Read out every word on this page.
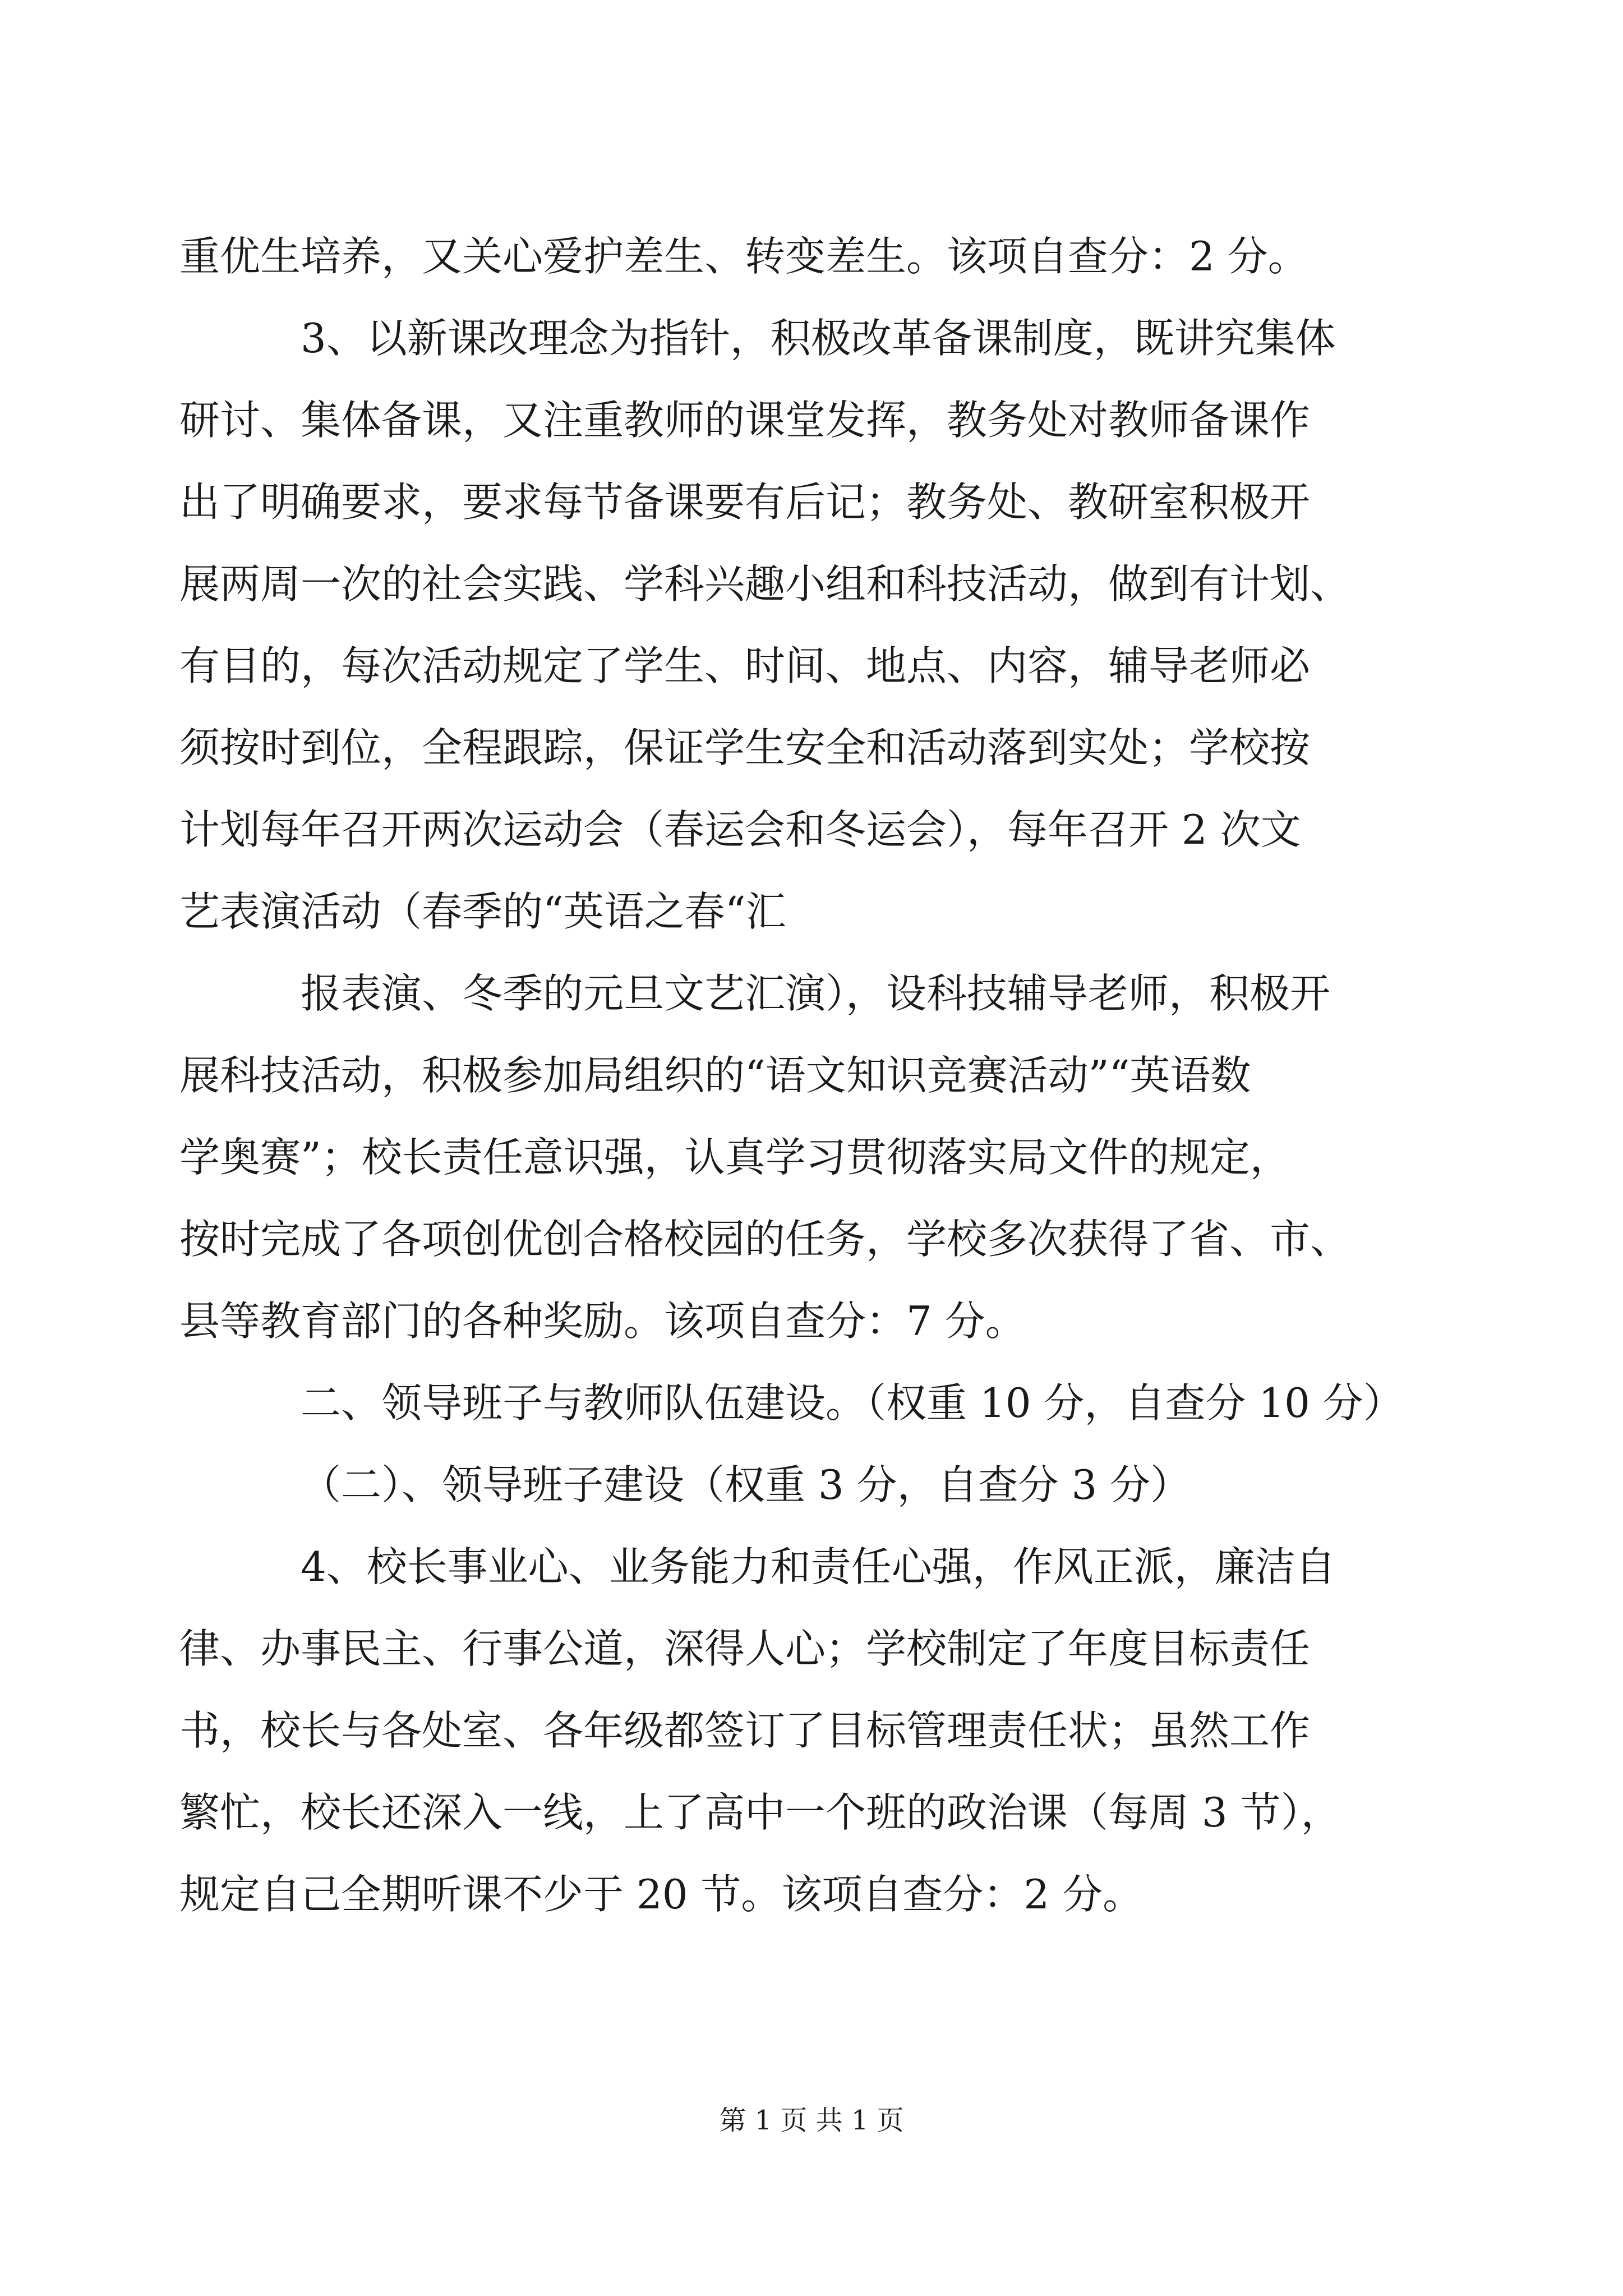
重优生培养，又关心爱护差生、转变差生。该项自查分：2 分。
3、以新课改理念为指针，积极改革备课制度，既讲究集体
研讨、集体备课，又注重教师的课堂发挥，教务处对教师备课作
出了明确要求，要求每节备课要有后记；教务处、教研室积极开
展两周一次的社会实践、学科兴趣小组和科技活动，做到有计划、
有目的，每次活动规定了学生、时间、地点、内容，辅导老师必
须按时到位，全程跟踪，保证学生安全和活动落到实处；学校按
计划每年召开两次运动会（春运会和冬运会），每年召开 2 次文
艺表演活动（春季的“英语之春“汇
报表演、冬季的元旦文艺汇演），设科技辅导老师，积极开
展科技活动，积极参加局组织的“语文知识竞赛活动”“英语数
学奥赛”；校长责任意识强，认真学习贯彻落实局文件的规定，
按时完成了各项创优创合格校园的任务，学校多次获得了省、市、
县等教育部门的各种奖励。该项自查分：7 分。
二、领导班子与教师队伍建设。（权重 10 分，自查分 10 分）
（二）、领导班子建设（权重 3 分，自查分 3 分）
4、校长事业心、业务能力和责任心强，作风正派，廉洁自
律、办事民主、行事公道，深得人心；学校制定了年度目标责任
书，校长与各处室、各年级都签订了目标管理责任状；虽然工作
繁忙，校长还深入一线，上了高中一个班的政治课（每周 3 节），
规定自己全期听课不少于 20 节。该项自查分：2 分。
第 1 页 共 1 页
